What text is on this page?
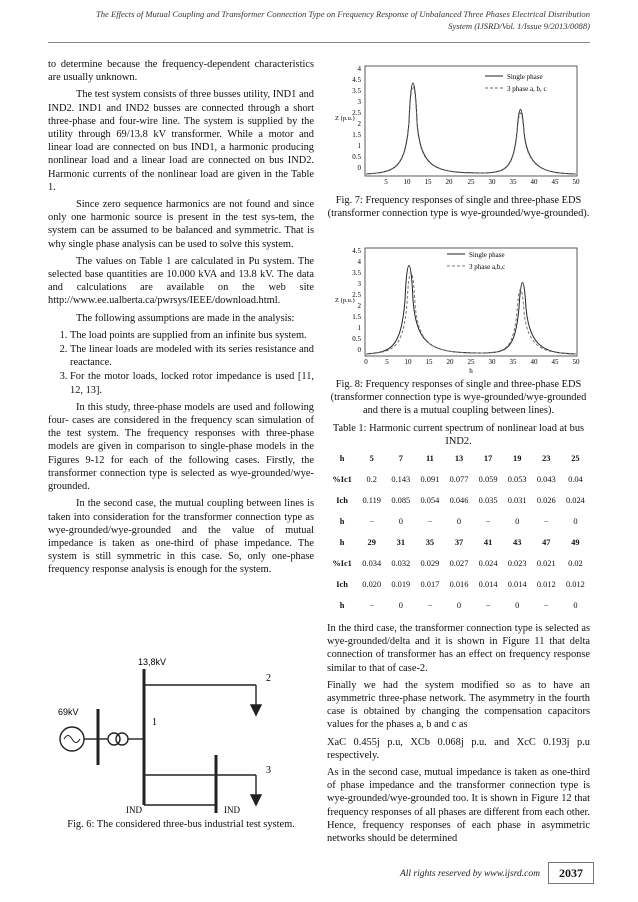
The Effects of Mutual Coupling and Transformer Connection Type on Frequency Response of Unbalanced Three Phases Electrical Distribution
System (IJSRD/Vol. 1/Issue 9/2013/0088)

to determine because the frequency-dependent characteristics are usually unknown.

The test system consists of three busses utility, IND1 and IND2. IND1 and IND2 busses are connected through a short three-phase and four-wire line. The system is supplied by the utility through 69/13.8 kV transformer. While a motor and linear load are connected on bus IND1, a harmonic producing nonlinear load and a linear load are connected on bus IND2. Harmonic currents of the nonlinear load are given in the Table 1.

Since zero sequence harmonics are not found and since only one harmonic source is present in the test sys-tem, the system can be assumed to be balanced and symmetric. That is why single phase analysis can be used to solve this system.

The values on Table 1 are calculated in Pu system. The selected base quantities are 10.000 kVA and 13.8 kV. The data and calculations are available on the web site http://www.ee.ualberta.ca/pwrsys/IEEE/download.html.

The following assumptions are made in the analysis:

1. The load points are supplied from an infinite bus system.
2. The linear loads are modeled with its series resistance and reactance.
3. For the motor loads, locked rotor impedance is used [11, 12, 13].

In this study, three-phase models are used and following four- cases are considered in the frequency scan simulation of the test system. The frequency responses with three-phase models are given in comparison to single-phase models in the Figures 9-12 for each of the following cases. Firstly, the transformer connection type is selected as wye-grounded/wye-grounded.

In the second case, the mutual coupling between lines is taken into consideration for the transformer connection type as wye-grounded/wye-grounded and the value of mutual impedance is taken as one-third of phase impedance. The system is still symmetric in this case. So, only one-phase frequency response analysis is enough for the system.

13,8kV
69kV
1
2
3
IND	IND
Fig. 6: The considered three-bus industrial test system.
4
4.5
3.5
3
2.5
2
1.5
1
0.5
0
Z (p.u.)
5 10 15 20 25 30 35 40 45 50
Single phase
3 phase a, b, c
Fig. 7: Frequency responses of single and three-phase EDS (transformer connection type is wye-grounded/wye-grounded).
4.5
4
3.5
3
2.5
2
1.5
1
0.5
0
Z (p.u.)
0	5 10 15 20 25 30 35 40 45 50
h
Single phase
3 phase a,b,c
Fig. 8: Frequency responses of single and three-phase EDS (transformer connection type is wye-grounded/wye-grounded and there is a mutual coupling between lines).
Table 1: Harmonic current spectrum of nonlinear load at bus IND2.
h	5	7	11	13	17	19	23	25
%Ic1	0.2	0.143	0.091	0.077	0.059	0.053	0.043	0.04
Ich	0.119	0.085	0.054	0.046	0.035	0.031	0.026	0.024
h	−	0	−	0	−	0	−	0
h	29	31	35	37	41	43	47	49
%Ic1	0.034	0.032	0.029	0.027	0.024	0.023	0.021	0.02
Ich	0.020	0.019	0.017	0.016	0.014	0.014	0.012	0.012
h	−	0	−	0	−	0	−	0

In the third case, the transformer connection type is selected as wye-grounded/delta and it is shown in Figure 11 that delta connection of transformer has an effect on frequency response similar to that of case-2.

Finally we had the system modified so as to have an asymmetric three-phase network. The asymmetry in the fourth case is obtained by changing the compensation capacitors values for the phases a, b and c as

XaC 0.455j p.u, XCb 0.068j p.u. and XcC 0.193j p.u respectively.

As in the second case, mutual impedance is taken as one-third of phase impedance and the transformer connection type is wye-grounded/wye-grounded too. It is shown in Figure 12 that frequency responses of all phases are different from each other. Hence, frequency responses of each phase in asymmetric networks should be determined

All rights reserved by www.ijsrd.com	2037
